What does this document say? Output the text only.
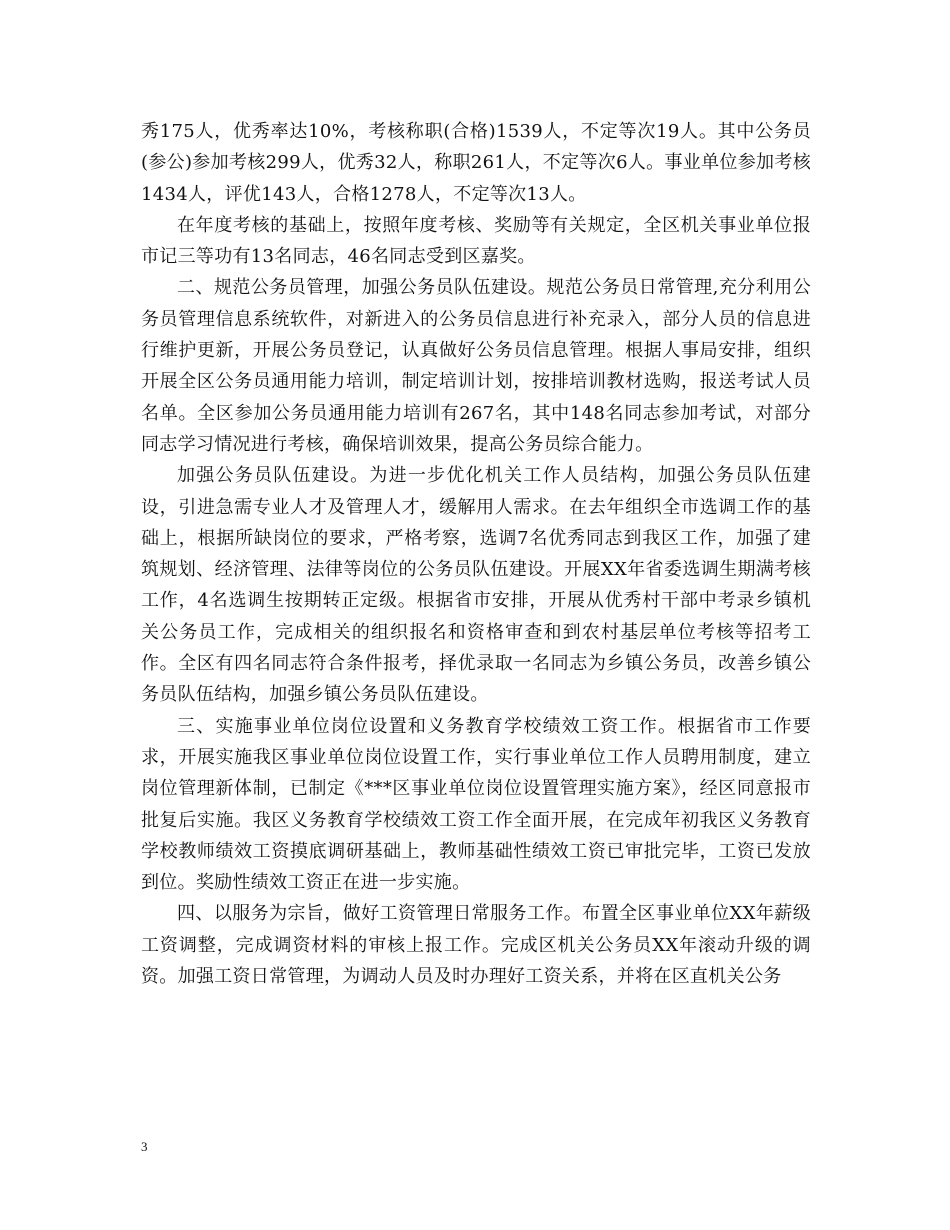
秀175人，优秀率达10%，考核称职(合格)1539人，不定等次19人。其中公务员(参公)参加考核299人，优秀32人，称职261人，不定等次6人。事业单位参加考核1434人，评优143人，合格1278人，不定等次13人。

在年度考核的基础上，按照年度考核、奖励等有关规定，全区机关事业单位报市记三等功有13名同志，46名同志受到区嘉奖。

二、规范公务员管理，加强公务员队伍建设。规范公务员日常管理,充分利用公务员管理信息系统软件，对新进入的公务员信息进行补充录入，部分人员的信息进行维护更新，开展公务员登记，认真做好公务员信息管理。根据人事局安排，组织开展全区公务员通用能力培训，制定培训计划，按排培训教材选购，报送考试人员名单。全区参加公务员通用能力培训有267名，其中148名同志参加考试，对部分同志学习情况进行考核，确保培训效果，提高公务员综合能力。

加强公务员队伍建设。为进一步优化机关工作人员结构，加强公务员队伍建设，引进急需专业人才及管理人才，缓解用人需求。在去年组织全市选调工作的基础上，根据所缺岗位的要求，严格考察，选调7名优秀同志到我区工作，加强了建筑规划、经济管理、法律等岗位的公务员队伍建设。开展XX年省委选调生期满考核工作，4名选调生按期转正定级。根据省市安排，开展从优秀村干部中考录乡镇机关公务员工作，完成相关的组织报名和资格审查和到农村基层单位考核等招考工作。全区有四名同志符合条件报考，择优录取一名同志为乡镇公务员，改善乡镇公务员队伍结构，加强乡镇公务员队伍建设。

三、实施事业单位岗位设置和义务教育学校绩效工资工作。根据省市工作要求，开展实施我区事业单位岗位设置工作，实行事业单位工作人员聘用制度，建立岗位管理新体制，已制定《***区事业单位岗位设置管理实施方案》，经区同意报市批复后实施。我区义务教育学校绩效工资工作全面开展，在完成年初我区义务教育学校教师绩效工资摸底调研基础上，教师基础性绩效工资已审批完毕，工资已发放到位。奖励性绩效工资正在进一步实施。

四、以服务为宗旨，做好工资管理日常服务工作。布置全区事业单位XX年薪级工资调整，完成调资材料的审核上报工作。完成区机关公务员XX年滚动升级的调资。加强工资日常管理，为调动人员及时办理好工资关系，并将在区直机关公务

3
